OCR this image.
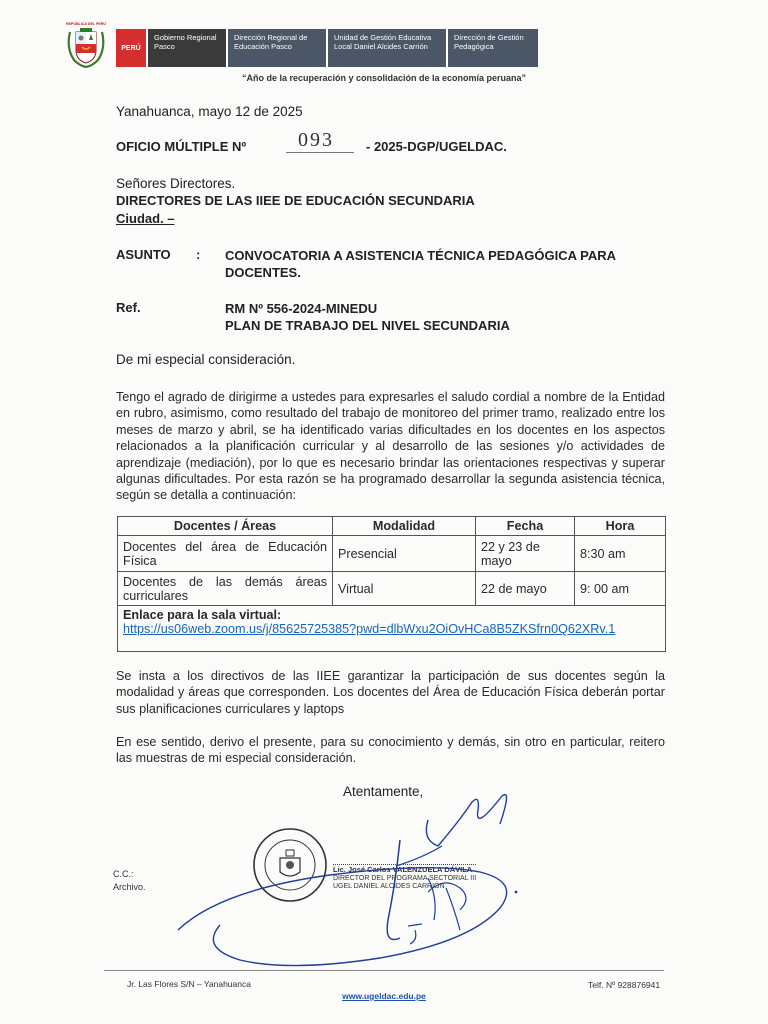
REPÚBLICA DEL PERÚ
PERÚ
Gobierno Regional Pasco
Dirección Regional de Educación Pasco
Unidad de Gestión Educativa Local Daniel Alcides Carrión
Dirección de Gestión Pedagógica
“Año de la recuperación y consolidación de la economía peruana”
Yanahuanca, mayo 12 de 2025
OFICIO MÚLTIPLE Nº	093 - 2025-DGP/UGELDAC.
Señores Directores.
DIRECTORES DE LAS IIEE DE EDUCACIÓN SECUNDARIA
Ciudad. –
ASUNTO : CONVOCATORIA A ASISTENCIA TÉCNICA PEDAGÓGICA PARA DOCENTES.
Ref.	RM Nº 556-2024-MINEDU
PLAN DE TRABAJO DEL NIVEL SECUNDARIA
De mi especial consideración.
Tengo el agrado de dirigirme a ustedes para expresarles el saludo cordial a nombre de la Entidad en rubro, asimismo, como resultado del trabajo de monitoreo del primer tramo, realizado entre los meses de marzo y abril, se ha identificado varias dificultades en los docentes en los aspectos relacionados a la planificación curricular y al desarrollo de las sesiones y/o actividades de aprendizaje (mediación), por lo que es necesario brindar las orientaciones respectivas y superar algunas dificultades. Por esta razón se ha programado desarrollar la segunda asistencia técnica, según se detalla a continuación:
Docentes / Áreas	Modalidad	Fecha	Hora
Docentes del área de Educación Física	Presencial	22 y 23 de mayo	8:30 am
Docentes de las demás áreas curriculares	Virtual	22 de mayo	9: 00 am

Enlace para la sala virtual:
https://us06web.zoom.us/j/85625725385?pwd=dlbWxu2OiOvHCa8B5ZKSfrn0Q62XRv.1			
Se insta a los directivos de las IIEE garantizar la participación de sus docentes según la modalidad y áreas que corresponden. Los docentes del Área de Educación Física deberán portar sus planificaciones curriculares y laptops
En ese sentido, derivo el presente, para su conocimiento y demás, sin otro en particular, reitero las muestras de mi especial consideración.
Atentamente,
Lic. José Carlos VALENZUELA DÁVILA
DIRECTOR DEL PROGRAMA SECTORIAL III
UGEL DANIEL ALCIDES CARRIÓN
C.C.:
Archivo.
Jr. Las Flores S/N – Yanahuanca	Telf. Nº 928876941
www.ugeldac.edu.pe
